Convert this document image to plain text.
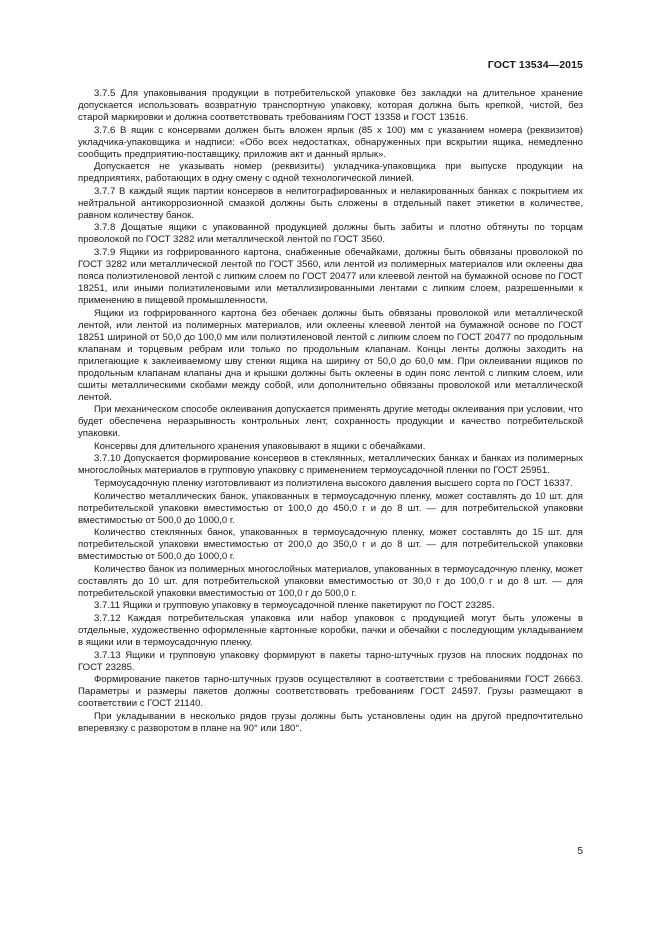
ГОСТ 13534—2015

3.7.5 Для упаковывания продукции в потребительской упаковке без закладки на длительное хранение допускается использовать возвратную транспортную упаковку, которая должна быть крепкой, чистой, без старой маркировки и должна соответствовать требованиям ГОСТ 13358 и ГОСТ 13516.

3.7.6 В ящик с консервами должен быть вложен ярлык (85 х 100) мм с указанием номера (реквизитов) укладчика-упаковщика и надписи: «Обо всех недостатках, обнаруженных при вскрытии ящика, немедленно сообщить предприятию-поставщику, приложив акт и данный ярлык».

Допускается не указывать номер (реквизиты) укладчика-упаковщика при выпуске продукции на предприятиях, работающих в одну смену с одной технологической линией.

3.7.7 В каждый ящик партии консервов в нелитографированных и нелакированных банках с покрытием их нейтральной антикоррозионной смазкой должны быть сложены в отдельный пакет этикетки в количестве, равном количеству банок.

3.7.8 Дощатые ящики с упакованной продукцией должны быть забиты и плотно обтянуты по торцам проволокой по ГОСТ 3282 или металлической лентой по ГОСТ 3560.

3.7.9 Ящики из гофрированного картона, снабженные обечайками, должны быть обвязаны проволокой по ГОСТ 3282 или металлической лентой по ГОСТ 3560, или лентой из полимерных материалов или оклеены два пояса полиэтиленовой лентой с липким слоем по ГОСТ 20477 или клеевой лентой на бумажной основе по ГОСТ 18251, или иными полиэтиленовыми или металлизированными лентами с липким слоем, разрешенными к применению в пищевой промышленности.

Ящики из гофрированного картона без обечаек должны быть обвязаны проволокой или металлической лентой, или лентой из полимерных материалов, или оклеены клеевой лентой на бумажной основе по ГОСТ 18251 шириной от 50,0 до 100,0 мм или полиэтиленовой лентой с липким слоем по ГОСТ 20477 по продольным клапанам и торцевым ребрам или только по продольным клапанам. Концы ленты должны заходить на прилегающие к заклеиваемому шву стенки ящика на ширину от 50,0 до 60,0 мм. При оклеивании ящиков по продольным клапанам клапаны дна и крышки должны быть оклеены в один пояс лентой с липким слоем, или сшиты металлическими скобами между собой, или дополнительно обвязаны проволокой или металлической лентой.

При механическом способе оклеивания допускается применять другие методы оклеивания при условии, что будет обеспечена неразрывность контрольных лент, сохранность продукции и качество потребительской упаковки.

Консервы для длительного хранения упаковывают в ящики с обечайками.

3.7.10 Допускается формирование консервов в стеклянных, металлических банках и банках из полимерных многослойных материалов в групповую упаковку с применением термоусадочной пленки по ГОСТ 25951.

Термоусадочную пленку изготовливают из полиэтилена высокого давления высшего сорта по ГОСТ 16337.

Количество металлических банок, упакованных в термоусадочную пленку, может составлять до 10 шт. для потребительской упаковки вместимостью от 100,0 до 450,0 г и до 8 шт. — для потребительской упаковки вместимостью от 500,0 до 1000,0 г.

Количество стеклянных банок, упакованных в термоусадочную пленку, может составлять до 15 шт. для потребительской упаковки вместимостью от 200,0 до 350,0 г и до 8 шт. — для потребительской упаковки вместимостью от 500,0 до 1000,0 г.

Количество банок из полимерных многослойных материалов, упакованных в термоусадочную пленку, может составлять до 10 шт. для потребительской упаковки вместимостью от 30,0 г до 100,0 г и до 8 шт. — для потребительской упаковки вместимостью от 100,0 г до 500,0 г.

3.7.11 Ящики и групповую упаковку в термоусадочной пленке пакетируют по ГОСТ 23285.

3.7.12 Каждая потребительская упаковка или набор упаковок с продукцией могут быть уложены в отдельные, художественно оформленные картонные коробки, пачки и обечайки с последующим укладыванием в ящики или в термоусадочную пленку.

3.7.13 Ящики и групповую упаковку формируют в пакеты тарно-штучных грузов на плоских поддонах по ГОСТ 23285.

Формирование пакетов тарно-штучных грузов осуществляют в соответствии с требованиями ГОСТ 26663. Параметры и размеры пакетов должны соответствовать требованиям ГОСТ 24597. Грузы размещают в соответствии с ГОСТ 21140.

При укладывании в несколько рядов грузы должны быть установлены один на другой предпочтительно вперевязку с разворотом в плане на 90° или 180°.

5
